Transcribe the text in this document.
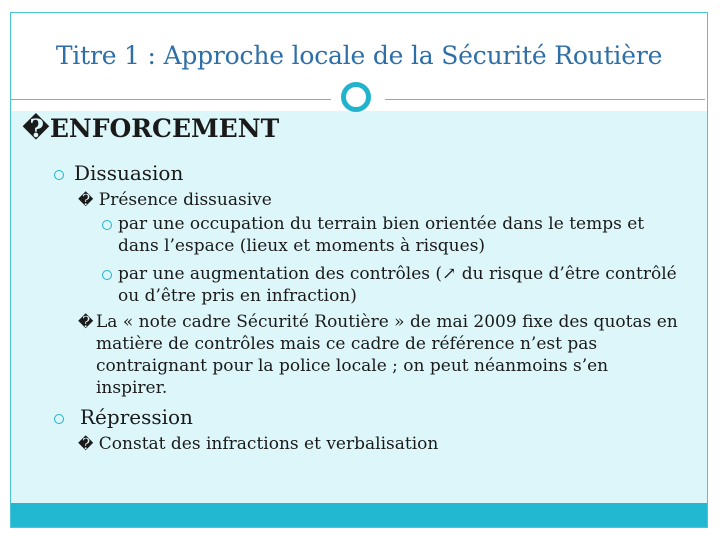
Titre 1 : Approche locale de la Sécurité Routière
�ENFORCEMENT
Dissuasion
� Présence dissuasive
par une occupation du terrain bien orientée dans le temps et
dans l’espace (lieux et moments à risques)
par une augmentation des contrôles (↗ du risque d’être contrôlé
ou d’être pris en infraction)
� La « note cadre Sécurité Routière » de mai 2009 fixe des quotas en
matière de contrôles mais ce cadre de référence n’est pas
contraignant pour la police locale ; on peut néanmoins s’en
inspirer.
Répression
� Constat des infractions et verbalisation
